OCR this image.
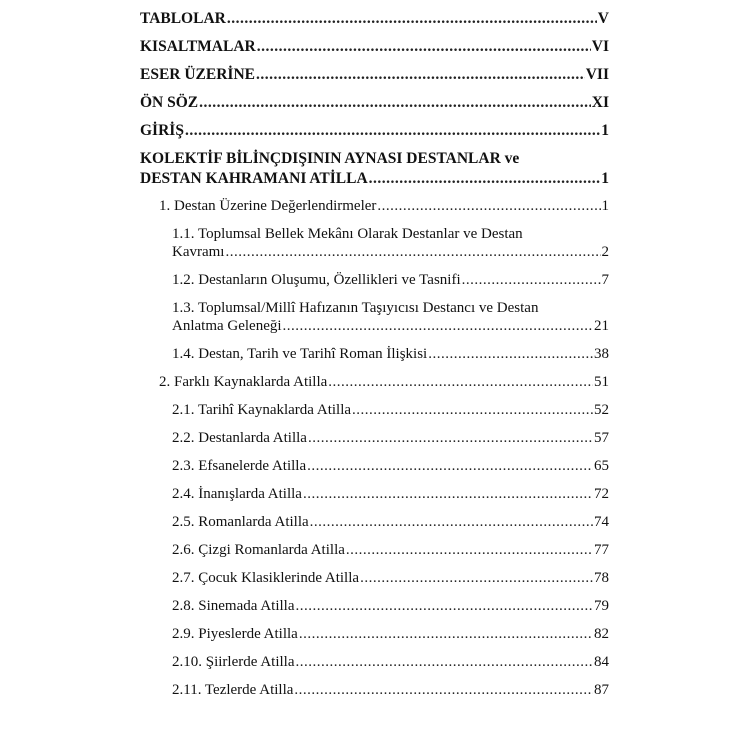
TABLOLAR .....	V
KISALTMALAR .....	VI
ESER ÜZERİNE .....	VII
ÖN SÖZ .....	XI
GİRİŞ .....	1
KOLEKTİF BİLİNÇDIŞININ AYNASI DESTANLAR ve
DESTAN KAHRAMANI ATİLLA .....	1
1. Destan Üzerine Değerlendirmeler .....	1
1.1. Toplumsal Bellek Mekânı Olarak Destanlar ve Destan
Kavramı .....	2
1.2. Destanların Oluşumu, Özellikleri ve Tasnifi .....	7
1.3. Toplumsal/Millî Hafızanın Taşıyıcısı Destancı ve Destan
Anlatma Geleneği .....	21
1.4. Destan, Tarih ve Tarihî Roman İlişkisi .....	38
2. Farklı Kaynaklarda Atilla .....	51
2.1. Tarihî Kaynaklarda Atilla .....	52
2.2. Destanlarda Atilla .....	57
2.3. Efsanelerde Atilla .....	65
2.4. İnanışlarda Atilla .....	72
2.5. Romanlarda Atilla .....	74
2.6. Çizgi Romanlarda Atilla .....	77
2.7. Çocuk Klasiklerinde Atilla .....	78
2.8. Sinemada Atilla .....	79
2.9. Piyeslerde Atilla .....	82
2.10. Şiirlerde Atilla .....	84
2.11. Tezlerde Atilla .....	87
